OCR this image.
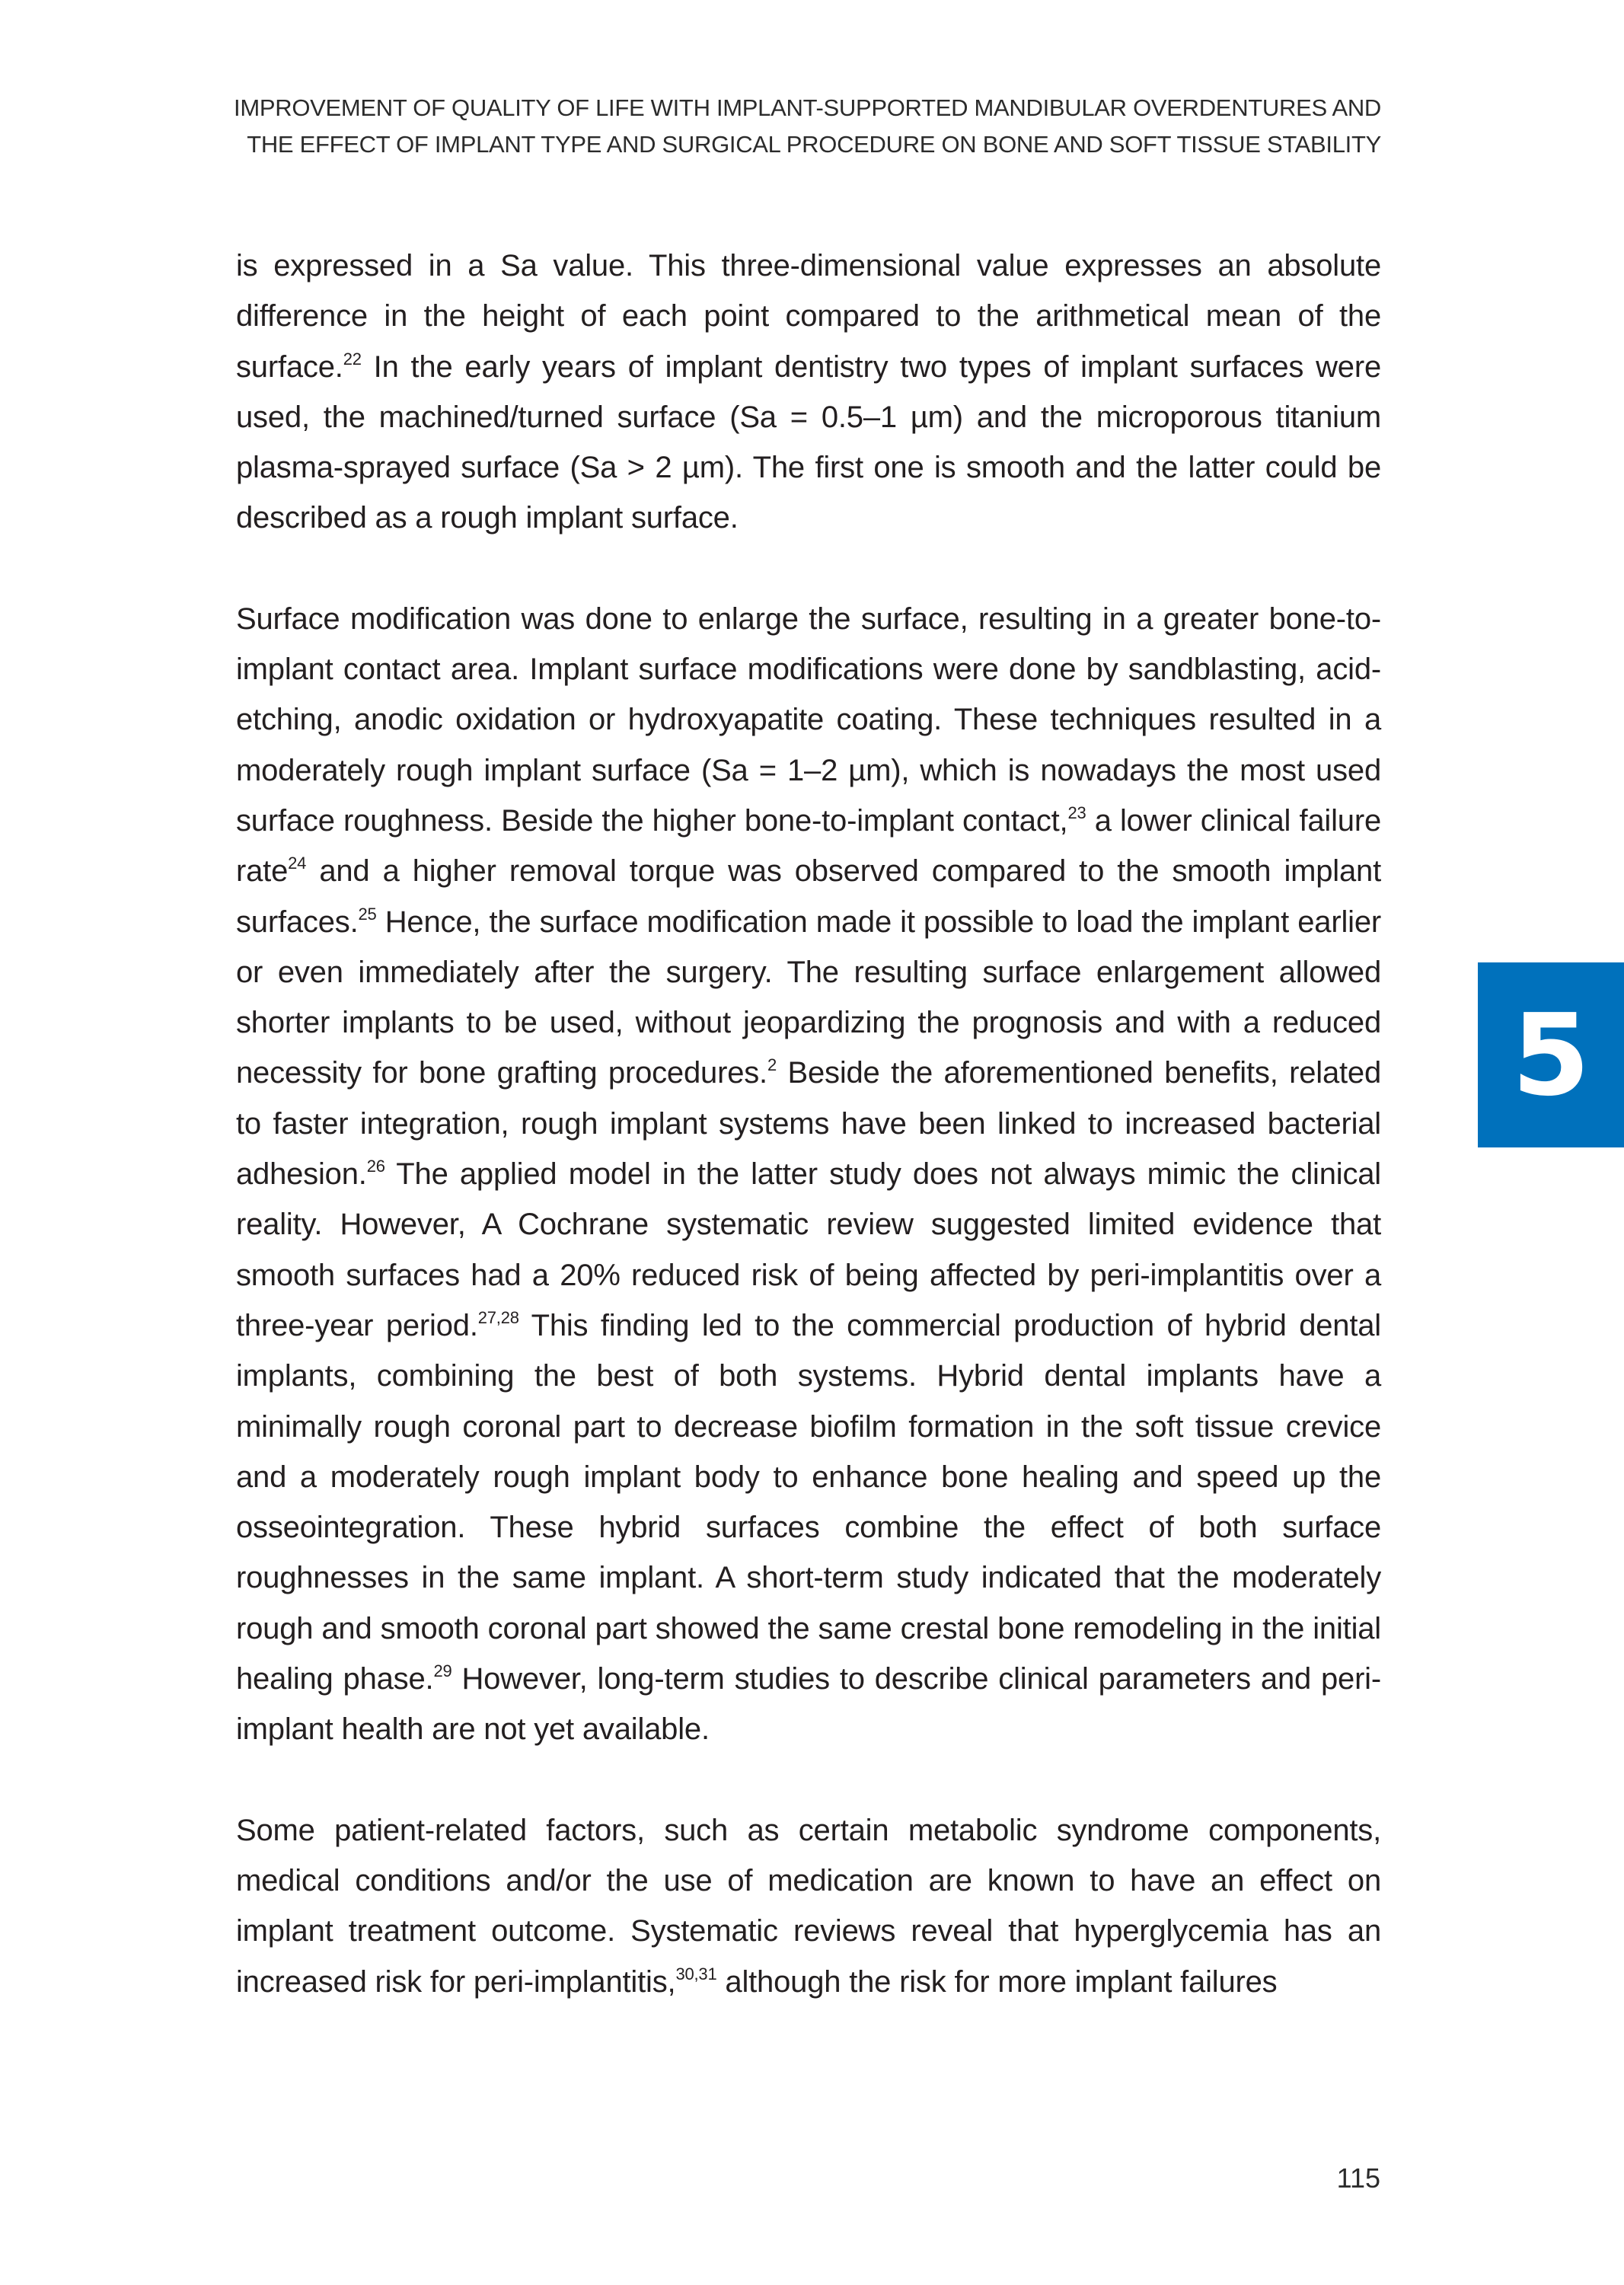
IMPROVEMENT OF QUALITY OF LIFE WITH IMPLANT-SUPPORTED MANDIBULAR OVERDENTURES AND
THE EFFECT OF IMPLANT TYPE AND SURGICAL PROCEDURE ON BONE AND SOFT TISSUE STABILITY

is expressed in a Sa value. This three-dimensional value expresses an absolute difference in the height of each point compared to the arithmetical mean of the surface.$^{22}$ In the early years of implant dentistry two types of implant surfaces were used, the machined/turned surface (Sa = 0.5–1 µm) and the microporous titanium plasma-sprayed surface (Sa > 2 µm). The first one is smooth and the latter could be described as a rough implant surface.

Surface modification was done to enlarge the surface, resulting in a greater bone-to-implant contact area. Implant surface modifications were done by sandblasting, acid-etching, anodic oxidation or hydroxyapatite coating. These techniques resulted in a moderately rough implant surface (Sa = 1–2 µm), which is nowadays the most used surface roughness. Beside the higher bone-to-implant contact,$^{23}$ a lower clinical failure rate$^{24}$ and a higher removal torque was observed compared to the smooth implant surfaces.$^{25}$ Hence, the surface modification made it possible to load the implant earlier or even immediately after the surgery. The resulting surface enlargement allowed shorter implants to be used, without jeopardizing the prognosis and with a reduced necessity for bone grafting procedures.$^2$ Beside the aforementioned benefits, related to faster integration, rough implant systems have been linked to increased bacterial adhesion.$^{26}$ The applied model in the latter study does not always mimic the clinical reality. However, A Cochrane systematic review suggested limited evidence that smooth surfaces had a 20% reduced risk of being affected by peri-implantitis over a three-year period.$^{27,28}$ This finding led to the commercial production of hybrid dental implants, combining the best of both systems. Hybrid dental implants have a minimally rough coronal part to decrease biofilm formation in the soft tissue crevice and a moderately rough implant body to enhance bone healing and speed up the osseointegration. These hybrid surfaces combine the effect of both surface roughnesses in the same implant. A short-term study indicated that the moderately rough and smooth coronal part showed the same crestal bone remodeling in the initial healing phase.$^{29}$ However, long-term studies to describe clinical parameters and peri-implant health are not yet available.

Some patient-related factors, such as certain metabolic syndrome components, medical conditions and/or the use of medication are known to have an effect on implant treatment outcome. Systematic reviews reveal that hyperglycemia has an increased risk for peri-implantitis,$^{30,31}$ although the risk for more implant failures

5
115
